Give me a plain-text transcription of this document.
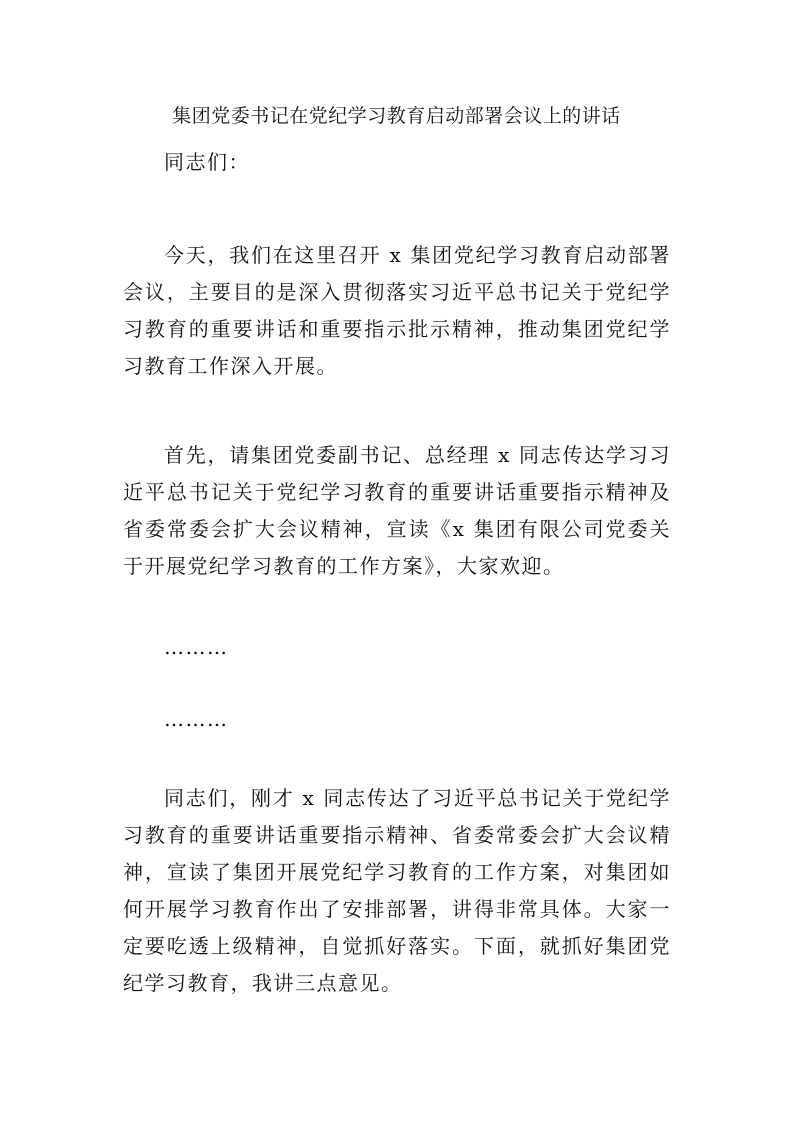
集团党委书记在党纪学习教育启动部署会议上的讲话

同志们：

今天，我们在这里召开 x 集团党纪学习教育启动部署会议，主要目的是深入贯彻落实习近平总书记关于党纪学习教育的重要讲话和重要指示批示精神，推动集团党纪学习教育工作深入开展。

首先，请集团党委副书记、总经理 x 同志传达学习习近平总书记关于党纪学习教育的重要讲话重要指示精神及省委常委会扩大会议精神，宣读《x 集团有限公司党委关于开展党纪学习教育的工作方案》，大家欢迎。

………

………

同志们，刚才 x 同志传达了习近平总书记关于党纪学习教育的重要讲话重要指示精神、省委常委会扩大会议精神，宣读了集团开展党纪学习教育的工作方案，对集团如何开展学习教育作出了安排部署，讲得非常具体。大家一定要吃透上级精神，自觉抓好落实。下面，就抓好集团党纪学习教育，我讲三点意见。
